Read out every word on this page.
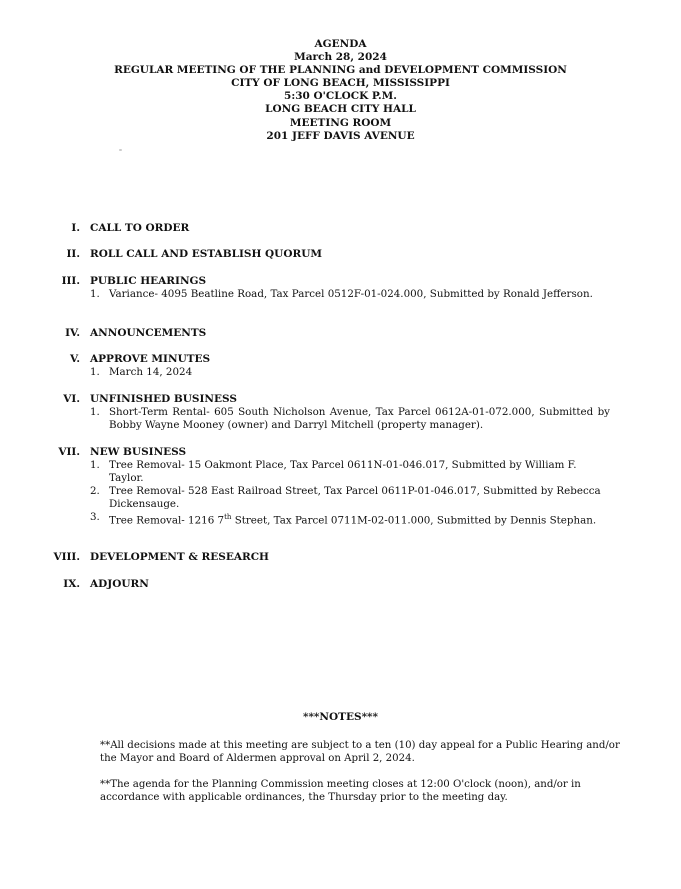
AGENDA
March 28, 2024
REGULAR MEETING OF THE PLANNING and DEVELOPMENT COMMISSION
CITY OF LONG BEACH, MISSISSIPPI
5:30 O'CLOCK P.M.
LONG BEACH CITY HALL
MEETING ROOM
201 JEFF DAVIS AVENUE
I. CALL TO ORDER
II. ROLL CALL AND ESTABLISH QUORUM
III. PUBLIC HEARINGS
1. Variance- 4095 Beatline Road, Tax Parcel 0512F-01-024.000, Submitted by Ronald Jefferson.
IV. ANNOUNCEMENTS
V. APPROVE MINUTES
1. March 14, 2024
VI. UNFINISHED BUSINESS
1. Short-Term Rental- 605 South Nicholson Avenue, Tax Parcel 0612A-01-072.000, Submitted by Bobby Wayne Mooney (owner) and Darryl Mitchell (property manager).
VII. NEW BUSINESS
1. Tree Removal- 15 Oakmont Place, Tax Parcel 0611N-01-046.017, Submitted by William F. Taylor.
2. Tree Removal- 528 East Railroad Street, Tax Parcel 0611P-01-046.017, Submitted by Rebecca Dickensauge.
3. Tree Removal- 1216 7th Street, Tax Parcel 0711M-02-011.000, Submitted by Dennis Stephan.
VIII. DEVELOPMENT & RESEARCH
IX. ADJOURN
***NOTES***
**All decisions made at this meeting are subject to a ten (10) day appeal for a Public Hearing and/or the Mayor and Board of Aldermen approval on April 2, 2024.
**The agenda for the Planning Commission meeting closes at 12:00 O'clock (noon), and/or in accordance with applicable ordinances, the Thursday prior to the meeting day.
